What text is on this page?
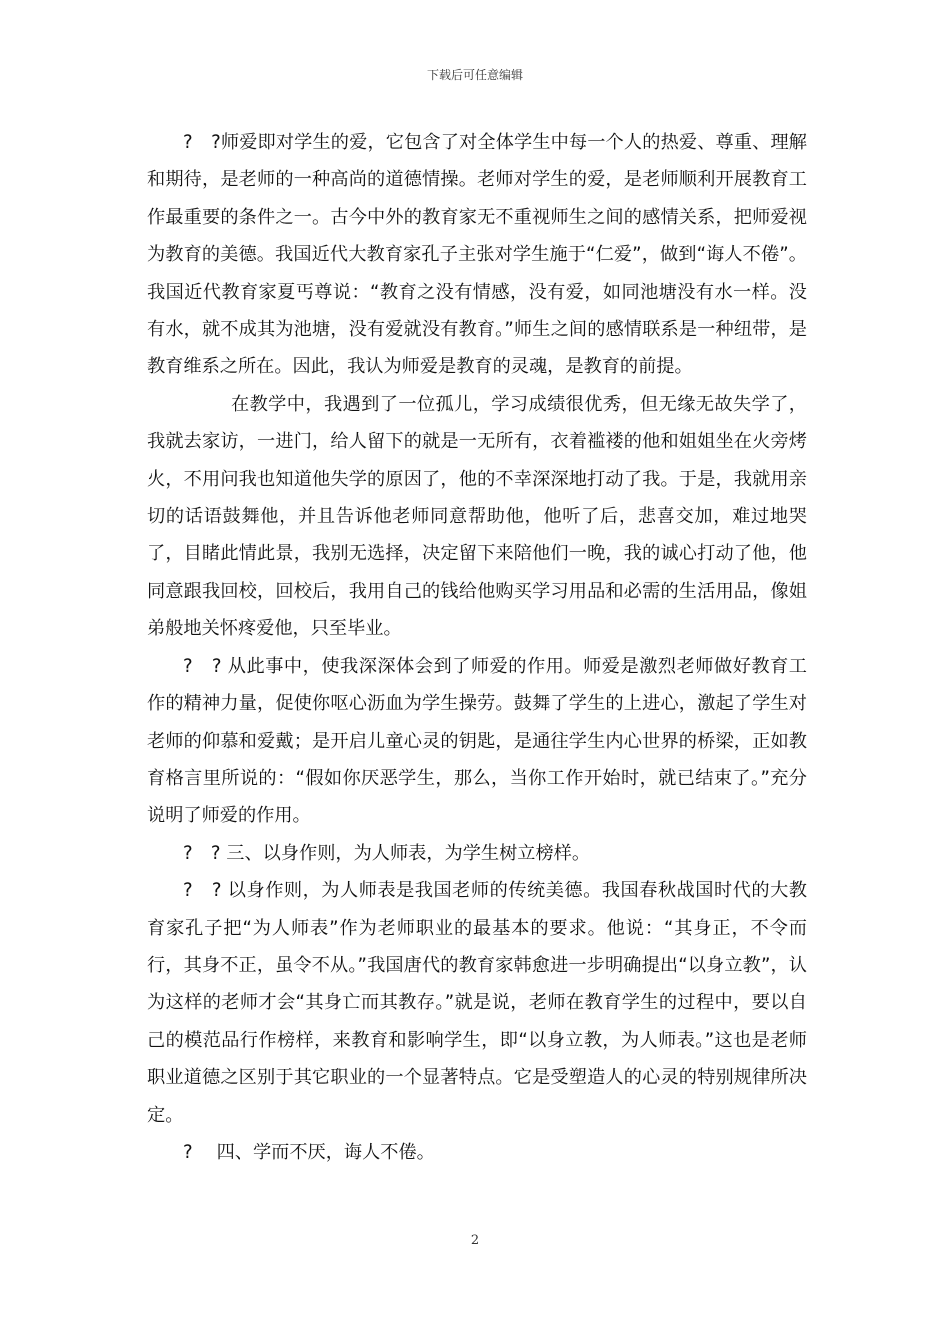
下载后可任意编辑

?　?师爱即对学生的爱，它包含了对全体学生中每一个人的热爱、尊重、理解和期待，是老师的一种高尚的道德情操。老师对学生的爱，是老师顺利开展教育工作最重要的条件之一。古今中外的教育家无不重视师生之间的感情关系，把师爱视为教育的美德。我国近代大教育家孔子主张对学生施于“仁爱”，做到“诲人不倦”。我国近代教育家夏丐尊说：“教育之没有情感，没有爱，如同池塘没有水一样。没有水，就不成其为池塘，没有爱就没有教育。”师生之间的感情联系是一种纽带，是教育维系之所在。因此，我认为师爱是教育的灵魂，是教育的前提。

在教学中，我遇到了一位孤儿，学习成绩很优秀，但无缘无故失学了，我就去家访，一进门，给人留下的就是一无所有，衣着褴褛的他和姐姐坐在火旁烤火，不用问我也知道他失学的原因了，他的不幸深深地打动了我。于是，我就用亲切的话语鼓舞他，并且告诉他老师同意帮助他，他听了后，悲喜交加，难过地哭了，目睹此情此景，我别无选择，决定留下来陪他们一晚，我的诚心打动了他，他同意跟我回校，回校后，我用自己的钱给他购买学习用品和必需的生活用品，像姐弟般地关怀疼爱他，只至毕业。

?　? 从此事中，使我深深体会到了师爱的作用。师爱是激烈老师做好教育工作的精神力量，促使你呕心沥血为学生操劳。鼓舞了学生的上进心，激起了学生对老师的仰慕和爱戴；是开启儿童心灵的钥匙，是通往学生内心世界的桥梁，正如教育格言里所说的：“假如你厌恶学生，那么，当你工作开始时，就已结束了。”充分说明了师爱的作用。

?　? 三、以身作则，为人师表，为学生树立榜样。

?　? 以身作则，为人师表是我国老师的传统美德。我国春秋战国时代的大教育家孔子把“为人师表”作为老师职业的最基本的要求。他说：“其身正，不令而行，其身不正，虽令不从。”我国唐代的教育家韩愈进一步明确提出“以身立教”，认为这样的老师才会“其身亡而其教存。”就是说，老师在教育学生的过程中，要以自己的模范品行作榜样，来教育和影响学生，即“以身立教，为人师表。”这也是老师职业道德之区别于其它职业的一个显著特点。它是受塑造人的心灵的特别规律所决定。

?　 四、学而不厌，诲人不倦。

2
